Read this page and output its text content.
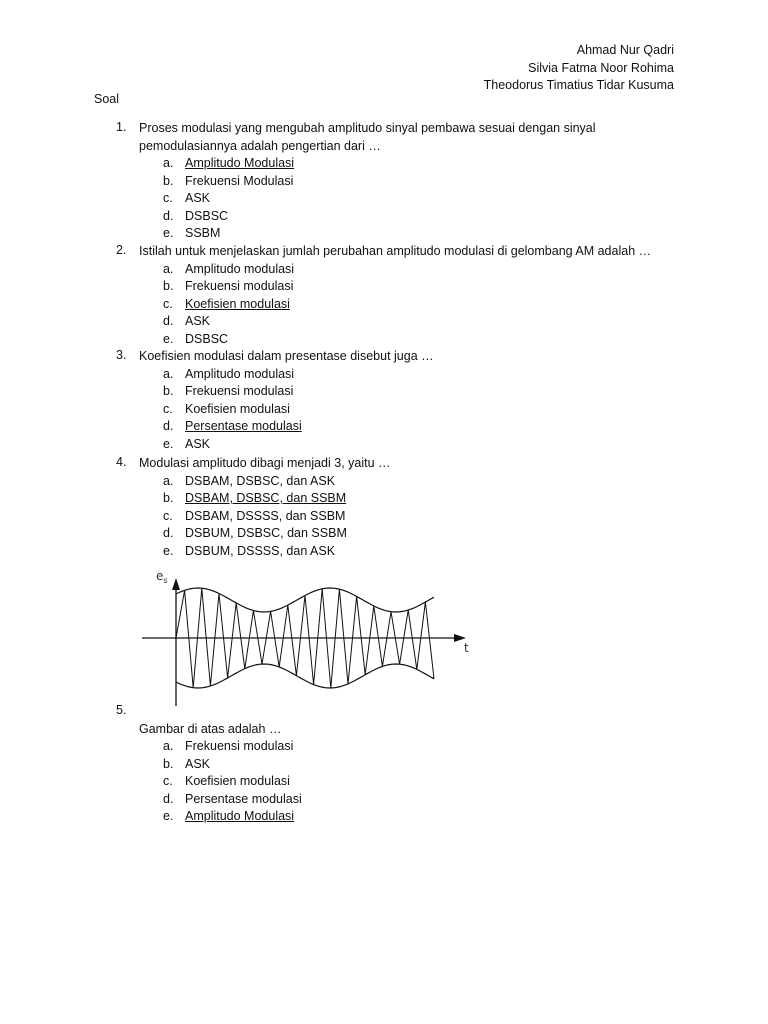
Ahmad Nur Qadri
Silvia Fatma Noor Rohima
Theodorus Timatius Tidar Kusuma
Soal
1. Proses modulasi yang mengubah amplitudo sinyal pembawa sesuai dengan sinyal pemodulasiannya adalah pengertian dari …
a. Amplitudo Modulasi
b. Frekuensi Modulasi
c. ASK
d. DSBSC
e. SSBM
2. Istilah untuk menjelaskan jumlah perubahan amplitudo modulasi di gelombang AM adalah …
a. Amplitudo modulasi
b. Frekuensi modulasi
c. Koefisien modulasi
d. ASK
e. DSBSC
3. Koefisien modulasi dalam presentase disebut juga …
a. Amplitudo modulasi
b. Frekuensi modulasi
c. Koefisien modulasi
d. Persentase modulasi
e. ASK
4. Modulasi amplitudo dibagi menjadi 3, yaitu …
a. DSBAM, DSBSC, dan ASK
b. DSBAM, DSBSC, dan SSBM
c. DSBAM, DSSSS, dan SSBM
d. DSBUM, DSBSC, dan SSBM
e. DSBUM, DSSSS, dan ASK
$e_s$
t
5.
Gambar di atas adalah …
a. Frekuensi modulasi
b. ASK
c. Koefisien modulasi
d. Persentase modulasi
e. Amplitudo Modulasi
